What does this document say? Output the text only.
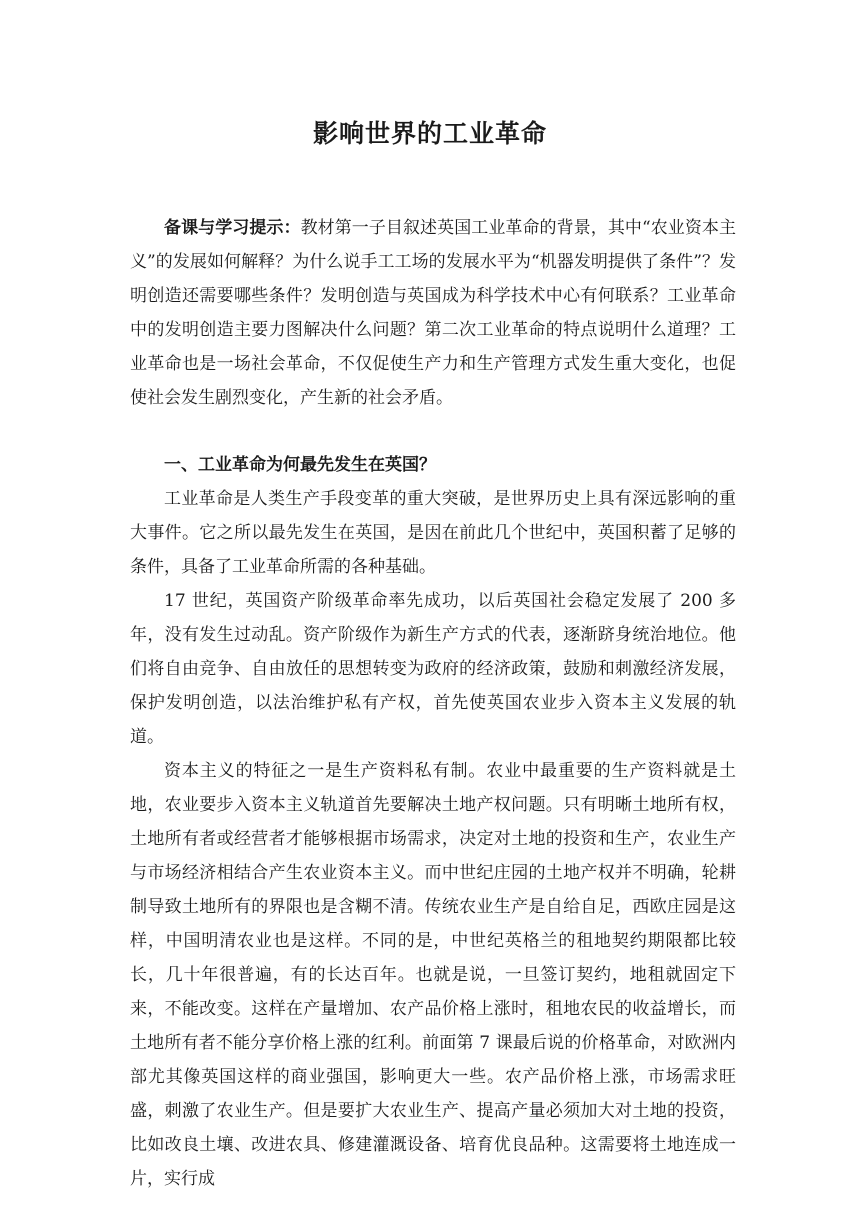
影响世界的工业革命

备课与学习提示：教材第一子目叙述英国工业革命的背景，其中“农业资本主义”的发展如何解释？为什么说手工工场的发展水平为“机器发明提供了条件”？发明创造还需要哪些条件？发明创造与英国成为科学技术中心有何联系？工业革命中的发明创造主要力图解决什么问题？第二次工业革命的特点说明什么道理？工业革命也是一场社会革命，不仅促使生产力和生产管理方式发生重大变化，也促使社会发生剧烈变化，产生新的社会矛盾。

一、工业革命为何最先发生在英国？

工业革命是人类生产手段变革的重大突破，是世界历史上具有深远影响的重大事件。它之所以最先发生在英国，是因在前此几个世纪中，英国积蓄了足够的条件，具备了工业革命所需的各种基础。

17 世纪，英国资产阶级革命率先成功，以后英国社会稳定发展了 200 多年，没有发生过动乱。资产阶级作为新生产方式的代表，逐渐跻身统治地位。他们将自由竞争、自由放任的思想转变为政府的经济政策，鼓励和刺激经济发展，保护发明创造，以法治维护私有产权，首先使英国农业步入资本主义发展的轨道。

资本主义的特征之一是生产资料私有制。农业中最重要的生产资料就是土地，农业要步入资本主义轨道首先要解决土地产权问题。只有明晰土地所有权，土地所有者或经营者才能够根据市场需求，决定对土地的投资和生产，农业生产与市场经济相结合产生农业资本主义。而中世纪庄园的土地产权并不明确，轮耕制导致土地所有的界限也是含糊不清。传统农业生产是自给自足，西欧庄园是这样，中国明清农业也是这样。不同的是，中世纪英格兰的租地契约期限都比较长，几十年很普遍，有的长达百年。也就是说，一旦签订契约，地租就固定下来，不能改变。这样在产量增加、农产品价格上涨时，租地农民的收益增长，而土地所有者不能分享价格上涨的红利。前面第 7 课最后说的价格革命，对欧洲内部尤其像英国这样的商业强国，影响更大一些。农产品价格上涨，市场需求旺盛，刺激了农业生产。但是要扩大农业生产、提高产量必须加大对土地的投资，比如改良土壤、改进农具、修建灌溉设备、培育优良品种。这需要将土地连成一片，实行成
